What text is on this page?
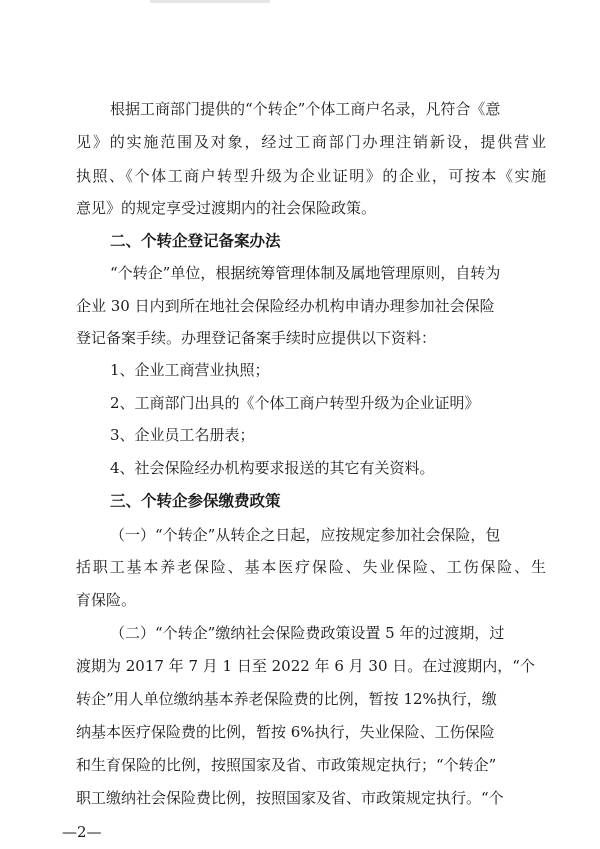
根据工商部门提供的“个转企”个体工商户名录，凡符合《意
见》的实施范围及对象，经过工商部门办理注销新设，提供营业
执照、《个体工商户转型升级为企业证明》的企业，可按本《实施
意见》的规定享受过渡期内的社会保险政策。
二、个转企登记备案办法
“个转企”单位，根据统筹管理体制及属地管理原则，自转为
企业 30 日内到所在地社会保险经办机构申请办理参加社会保险
登记备案手续。办理登记备案手续时应提供以下资料：
1、企业工商营业执照；
2、工商部门出具的《个体工商户转型升级为企业证明》
3、企业员工名册表；
4、社会保险经办机构要求报送的其它有关资料。
三、个转企参保缴费政策
（一）“个转企”从转企之日起，应按规定参加社会保险，包
括职工基本养老保险、基本医疗保险、失业保险、工伤保险、生
育保险。
（二）“个转企”缴纳社会保险费政策设置 5 年的过渡期，过
渡期为 2017 年 7 月 1 日至 2022 年 6 月 30 日。在过渡期内，“个
转企”用人单位缴纳基本养老保险费的比例，暂按 12%执行，缴
纳基本医疗保险费的比例，暂按 6%执行，失业保险、工伤保险
和生育保险的比例，按照国家及省、市政策规定执行；“个转企”
职工缴纳社会保险费比例，按照国家及省、市政策规定执行。“个
—2—
